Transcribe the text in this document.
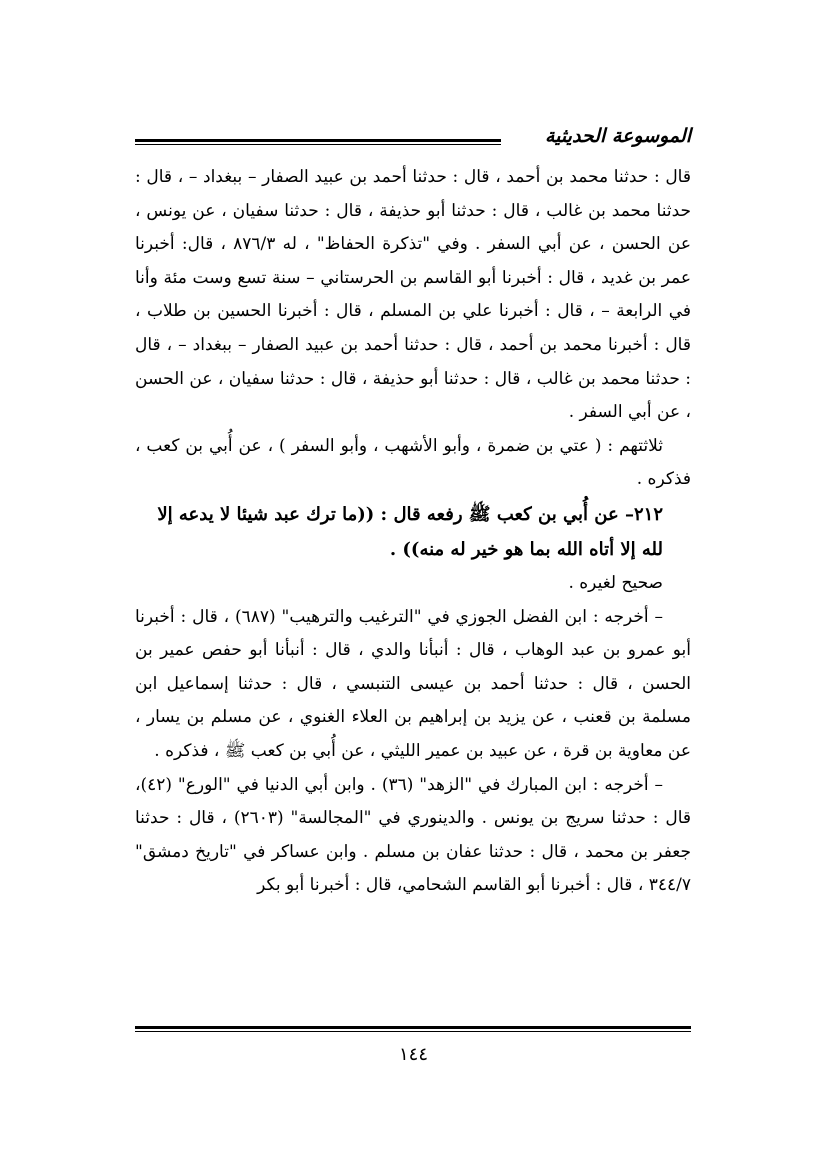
الموسوعة الحديثية

قال : حدثنا محمد بن أحمد ، قال : حدثنا أحمد بن عبيد الصفار – ببغداد – ، قال : حدثنا محمد بن غالب ، قال : حدثنا أبو حذيفة ، قال : حدثنا سفيان ، عن يونس ، عن الحسن ، عن أبي السفر . وفي "تذكرة الحفاظ" ، له ٨٧٦/٣ ، قال: أخبرنا عمر بن غديد ، قال : أخبرنا أبو القاسم بن الحرستاني – سنة تسع وست مئة وأنا في الرابعة – ، قال : أخبرنا علي بن المسلم ، قال : أخبرنا الحسين بن طلاب ، قال : أخبرنا محمد بن أحمد ، قال : حدثنا أحمد بن عبيد الصفار – ببغداد – ، قال : حدثنا محمد بن غالب ، قال : حدثنا أبو حذيفة ، قال : حدثنا سفيان ، عن الحسن ، عن أبي السفر .

ثلاثتهم : ( عتي بن ضمرة ، وأبو الأشهب ، وأبو السفر ) ، عن أُبي بن كعب ، فذكره .

٢١٢– عن أُبي بن كعب ﷺ رفعه قال : ((ما ترك عبد شيئا لا يدعه إلا

لله إلا أتاه الله بما هو خير له منه)) .

صحيح لغيره .

– أخرجه : ابن الفضل الجوزي في "الترغيب والترهيب" (٦٨٧) ، قال : أخبرنا أبو عمرو بن عبد الوهاب ، قال : أنبأنا والدي ، قال : أنبأنا أبو حفص عمير بن الحسن ، قال : حدثنا أحمد بن عيسى التنبسي ، قال : حدثنا إسماعيل ابن مسلمة بن قعنب ، عن يزيد بن إبراهيم بن العلاء الغنوي ، عن مسلم بن يسار ، عن معاوية بن قرة ، عن عبيد بن عمير الليثي ، عن أُبي بن كعب ﷺ ، فذكره .

– أخرجه : ابن المبارك في "الزهد" (٣٦) . وابن أبي الدنيا في "الورع" (٤٢)، قال : حدثنا سريج بن يونس . والدينوري في "المجالسة" (٢٦٠٣) ، قال : حدثنا جعفر بن محمد ، قال : حدثنا عفان بن مسلم . وابن عساكر في "تاريخ دمشق" ٣٤٤/٧ ، قال : أخبرنا أبو القاسم الشحامي، قال : أخبرنا أبو بكر

١٤٤
